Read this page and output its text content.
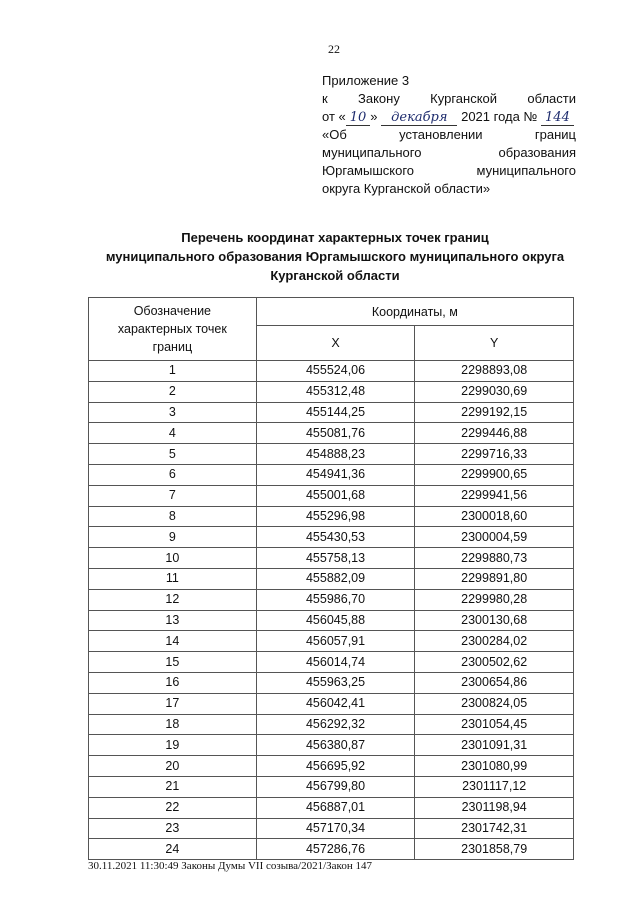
22
Приложение 3
к Закону Курганской области
от « 10 » декабря 2021 года № 144
«Об	установлении	границ
муниципального	образования
Юргамышского	муниципального
округа Курганской области»
Перечень координат характерных точек границ
муниципального образования Юргамышского муниципального округа
Курганской области
Обозначение характерных точек границ	Координаты, м	
	X	Y
1	455524,06	2298893,08
2	455312,48	2299030,69
3	455144,25	2299192,15
4	455081,76	2299446,88
5	454888,23	2299716,33
6	454941,36	2299900,65
7	455001,68	2299941,56
8	455296,98	2300018,60
9	455430,53	2300004,59
10	455758,13	2299880,73
11	455882,09	2299891,80
12	455986,70	2299980,28
13	456045,88	2300130,68
14	456057,91	2300284,02
15	456014,74	2300502,62
16	455963,25	2300654,86
17	456042,41	2300824,05
18	456292,32	2301054,45
19	456380,87	2301091,31
20	456695,92	2301080,99
21	456799,80	2301117,12
22	456887,01	2301198,94
23	457170,34	2301742,31
24	457286,76	2301858,79
30.11.2021 11:30:49 Законы Думы VII созыва/2021/Закон 147
